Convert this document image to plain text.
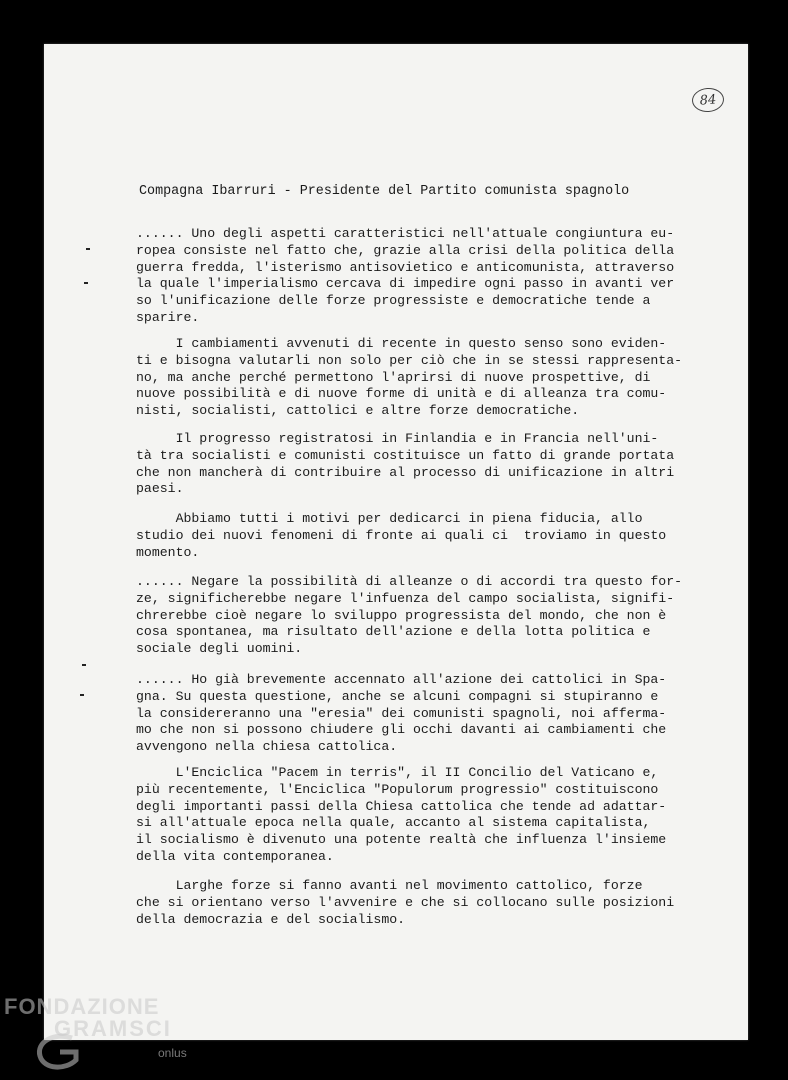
84
Compagna Ibarruri - Presidente del Partito comunista spagnolo
...... Uno degli aspetti caratteristici nell'attuale congiuntura eu-
ropea consiste nel fatto che, grazie alla crisi della politica della
guerra fredda, l'isterismo antisovietico e anticomunista, attraverso
la quale l'imperialismo cercava di impedire ogni passo in avanti ver
so l'unificazione delle forze progressiste e democratiche tende a
sparire.
I cambiamenti avvenuti di recente in questo senso sono eviden-
ti e bisogna valutarli non solo per ciò che in se stessi rappresenta-
no, ma anche perché permettono l'aprirsi di nuove prospettive, di
nuove possibilità e di nuove forme di unità e di alleanza tra comu-
nisti, socialisti, cattolici e altre forze democratiche.
Il progresso registratosi in Finlandia e in Francia nell'uni-
tà tra socialisti e comunisti costituisce un fatto di grande portata
che non mancherà di contribuire al processo di unificazione in altri
paesi.
Abbiamo tutti i motivi per dedicarci in piena fiducia, allo
studio dei nuovi fenomeni di fronte ai quali ci  troviamo in questo
momento.
...... Negare la possibilità di alleanze o di accordi tra questo for-
ze, significherebbe negare l'infuenza del campo socialista, signifi-
chrerebbe cioè negare lo sviluppo progressista del mondo, che non è
cosa spontanea, ma risultato dell'azione e della lotta politica e
sociale degli uomini.
...... Ho già brevemente accennato all'azione dei cattolici in Spa-
gna. Su questa questione, anche se alcuni compagni si stupiranno e
la considereranno una "eresia" dei comunisti spagnoli, noi afferma-
mo che non si possono chiudere gli occhi davanti ai cambiamenti che
avvengono nella chiesa cattolica.
L'Enciclica "Pacem in terris", il II Concilio del Vaticano e,
più recentemente, l'Enciclica "Populorum progressio" costituiscono
degli importanti passi della Chiesa cattolica che tende ad adattar-
si all'attuale epoca nella quale, accanto al sistema capitalista,
il socialismo è divenuto una potente realtà che influenza l'insieme
della vita contemporanea.
Larghe forze si fanno avanti nel movimento cattolico, forze
che si orientano verso l'avvenire e che si collocano sulle posizioni
della democrazia e del socialismo.
FONDAZIONE
GRAMSCI
onlus
